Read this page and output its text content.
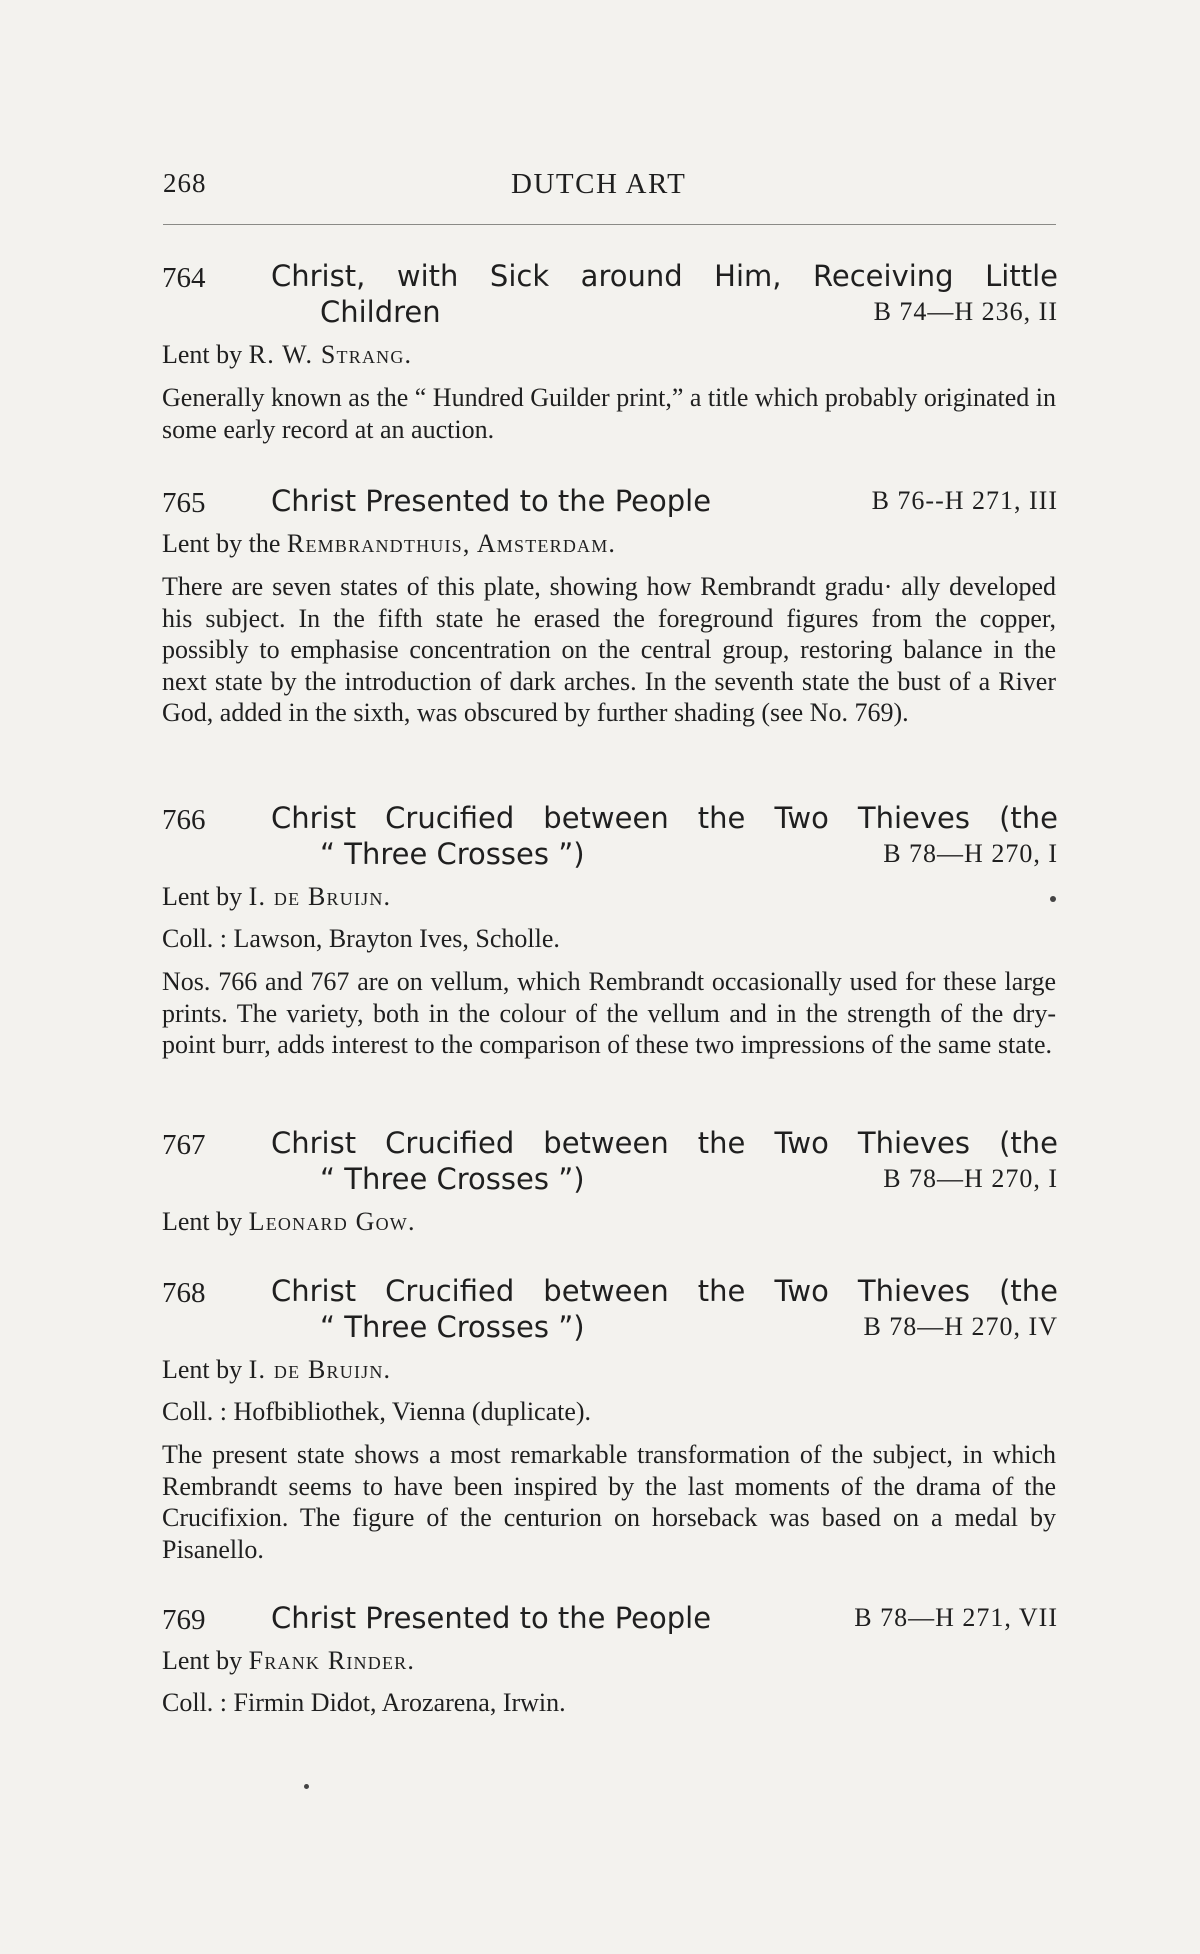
268	DUTCH ART
764 Christ, with Sick around Him, Receiving Little
Children	B 74—H 236, II
Lent by R. W. Strang.
Generally known as the “ Hundred Guilder print,” a title which probably originated in some early record at an auction.
765 Christ Presented to the People	B 76--H 271, III
Lent by the Rembrandthuis, Amsterdam.
There are seven states of this plate, showing how Rembrandt gradu· ally developed his subject. In the fifth state he erased the foreground figures from the copper, possibly to emphasise concentration on the central group, restoring balance in the next state by the introduction of dark arches. In the seventh state the bust of a River God, added in the sixth, was obscured by further shading (see No. 769).
766 Christ Crucified between the Two Thieves (the
“ Three Crosses ”)	B 78—H 270, I
Lent by I. de Bruijn.
Coll. : Lawson, Brayton Ives, Scholle.
Nos. 766 and 767 are on vellum, which Rembrandt occasionally used for these large prints. The variety, both in the colour of the vellum and in the strength of the dry-point burr, adds interest to the comparison of these two impressions of the same state.
767 Christ Crucified between the Two Thieves (the
“ Three Crosses ”)	B 78—H 270, I
Lent by Leonard Gow.
768 Christ Crucified between the Two Thieves (the
“ Three Crosses ”)	B 78—H 270, IV
Lent by I. de Bruijn.
Coll. : Hofbibliothek, Vienna (duplicate).
The present state shows a most remarkable transformation of the subject, in which Rembrandt seems to have been inspired by the last moments of the drama of the Crucifixion. The figure of the centurion on horseback was based on a medal by Pisanello.
769 Christ Presented to the People	B 78—H 271, VII
Lent by Frank Rinder.
Coll. : Firmin Didot, Arozarena, Irwin.
